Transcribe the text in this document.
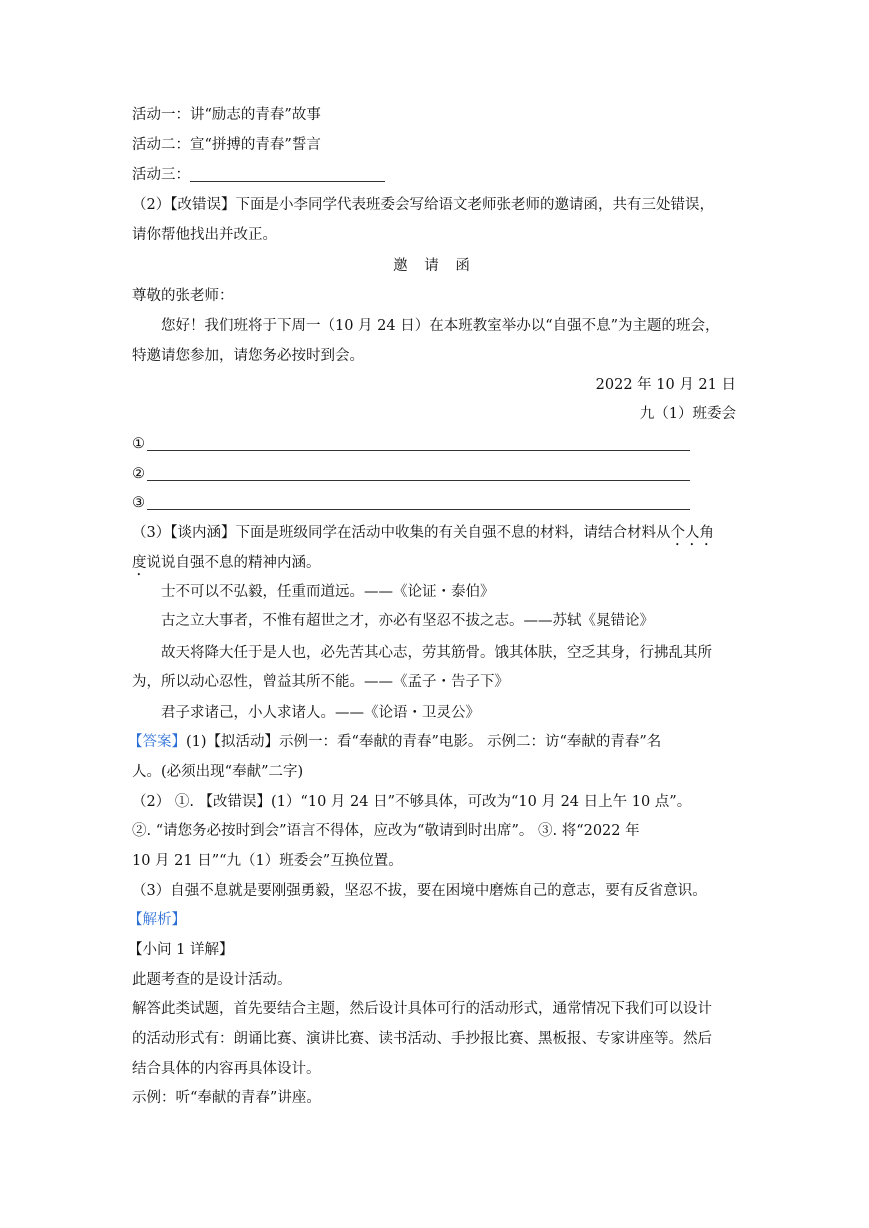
活动一：讲“励志的青春”故事
活动二：宣“拼搏的青春”誓言
活动三：
（2）【改错误】下面是小李同学代表班委会写给语文老师张老师的邀请函，共有三处错误，
请你帮他找出并改正。
邀 请 函
尊敬的张老师：
您好！我们班将于下周一（10 月 24 日）在本班教室举办以“自强不息”为主题的班会，
特邀请您参加，请您务必按时到会。
2022 年 10 月 21 日
九（1）班委会
①
②
③
（3）【谈内涵】下面是班级同学在活动中收集的有关自强不息的材料，请结合材料从个人角
度说说自强不息的精神内涵。
士不可以不弘毅，任重而道远。——《论证・泰伯》
古之立大事者，不惟有超世之才，亦必有坚忍不拔之志。——苏轼《晁错论》
故天将降大任于是人也，必先苦其心志，劳其筋骨。饿其体肤，空乏其身，行拂乱其所
为，所以动心忍性，曾益其所不能。——《孟子・告子下》
君子求诸己，小人求诸人。——《论语・卫灵公》
【答案】(1)【拟活动】示例一：看“奉献的青春”电影。 示例二：访“奉献的青春”名
人。(必须出现“奉献”二字)
（2） ①. 【改错误】(1）“10 月 24 日”不够具体，可改为“10 月 24 日上午 10 点”。
②. “请您务必按时到会”语言不得体，应改为“敬请到时出席”。 ③. 将“2022 年
10 月 21 日”“九（1）班委会”互换位置。
（3）自强不息就是要刚强勇毅，坚忍不拔，要在困境中磨炼自己的意志，要有反省意识。
【解析】
【小问 1 详解】
此题考查的是设计活动。
解答此类试题，首先要结合主题，然后设计具体可行的活动形式，通常情况下我们可以设计
的活动形式有：朗诵比赛、演讲比赛、读书活动、手抄报比赛、黑板报、专家讲座等。然后
结合具体的内容再具体设计。
示例：听“奉献的青春”讲座。
